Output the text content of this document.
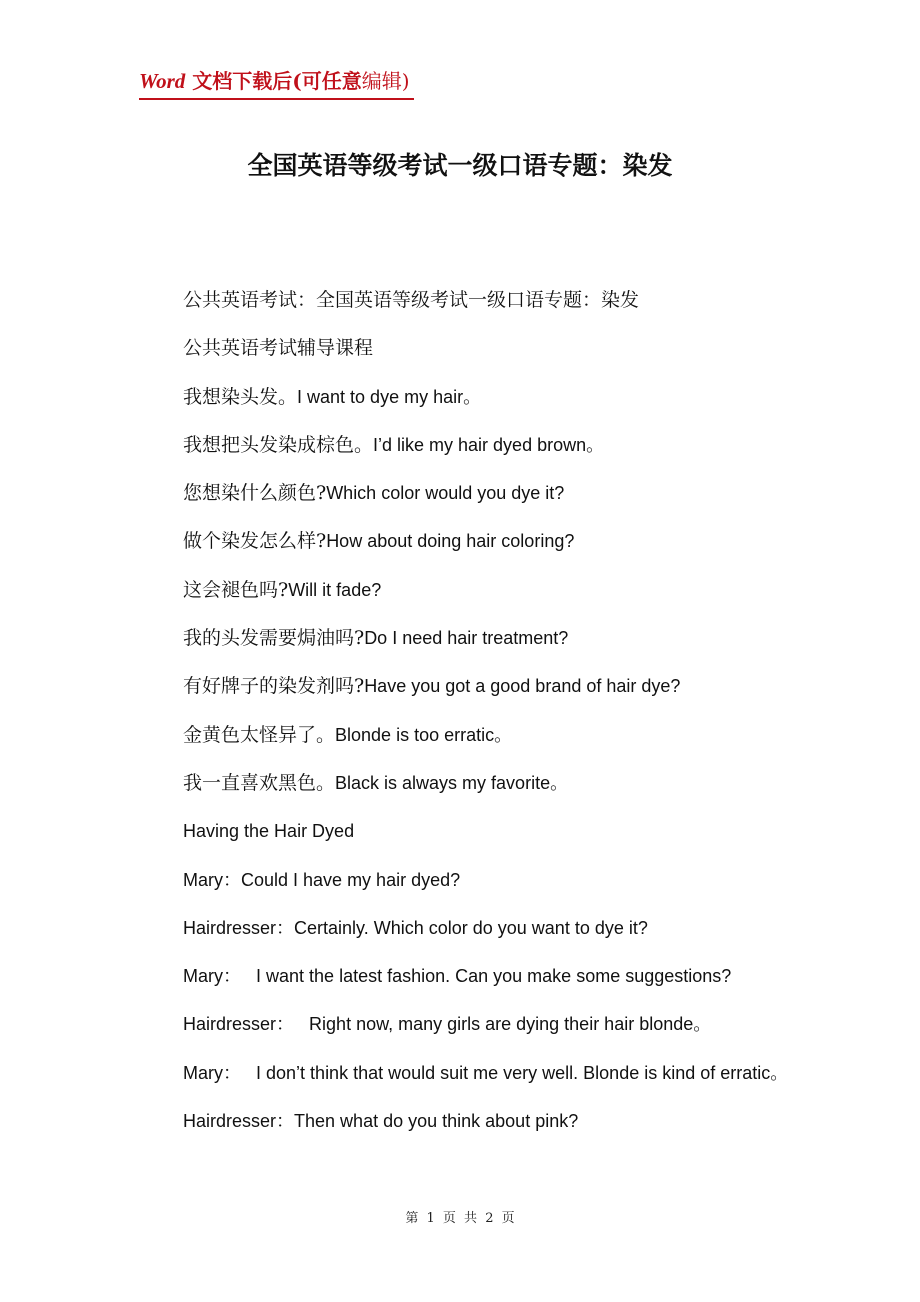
Word 文档下载后(可任意编辑)
全国英语等级考试一级口语专题：染发
公共英语考试：全国英语等级考试一级口语专题：染发
公共英语考试辅导课程
我想染头发。I want to dye my hair。
我想把头发染成棕色。I’d like my hair dyed brown。
您想染什么颜色?Which color would you dye it?
做个染发怎么样?How about doing hair coloring?
这会褪色吗?Will it fade?
我的头发需要焗油吗?Do I need hair treatment?
有好牌子的染发剂吗?Have you got a good brand of hair dye?
金黄色太怪异了。Blonde is too erratic。
我一直喜欢黑色。Black is always my favorite。
Having the Hair Dyed
Mary：Could I have my hair dyed?
Hairdresser：Certainly. Which color do you want to dye it?
Mary： I want the latest fashion. Can you make some suggestions?
Hairdresser： Right now, many girls are dying their hair blonde。
Mary： I don’t think that would suit me very well. Blonde is kind of erratic。
Hairdresser：Then what do you think about pink?
第 1 页 共 2 页
